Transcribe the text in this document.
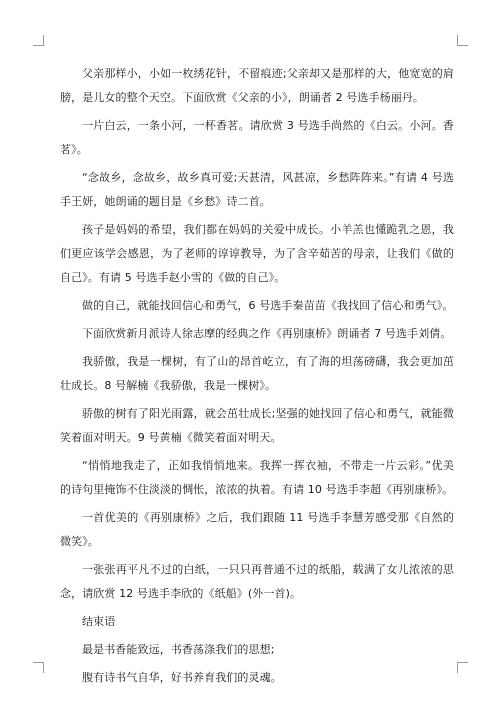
父亲那样小，小如一枚绣花针，不留痕迹;父亲却又是那样的大，他宽宽的肩膀，是儿女的整个天空。下面欣赏《父亲的小》，朗诵者 2 号选手杨丽丹。

一片白云，一条小河，一杯香茗。请欣赏 3 号选手尚然的《白云。小河。香茗》。

“念故乡，念故乡，故乡真可爱;天甚清，风甚凉，乡愁阵阵来。”有请 4 号选手王妍，她朗诵的题目是《乡愁》诗二首。

孩子是妈妈的希望，我们都在妈妈的关爱中成长。小羊羔也懂跪乳之恩，我们更应该学会感恩，为了老师的谆谆教导，为了含辛茹苦的母亲，让我们《做的自己》。有请 5 号选手赵小雪的《做的自己》。

做的自己，就能找回信心和勇气，6 号选手秦苗苗《我找回了信心和勇气》。

下面欣赏新月派诗人徐志摩的经典之作《再别康桥》朗诵者 7 号选手刘倩。

我骄傲，我是一棵树，有了山的昂首屹立，有了海的坦荡磅礴，我会更加茁壮成长。8 号解楠《我骄傲，我是一棵树》。

骄傲的树有了阳光雨露，就会茁壮成长;坚强的她找回了信心和勇气，就能微笑着面对明天。9 号黄楠《微笑着面对明天。

“悄悄地我走了，正如我悄悄地来。我挥一挥衣袖，不带走一片云彩。”优美的诗句里掩饰不住淡淡的惆怅，浓浓的执着。有请 10 号选手李超《再别康桥》。

一首优美的《再别康桥》之后，我们跟随 11 号选手李慧芳感受那《自然的微笑》。

一张张再平凡不过的白纸，一只只再普通不过的纸船，载满了女儿浓浓的思念，请欣赏 12 号选手李欣的《纸船》(外一首)。

结束语

最是书香能致远，书香荡涤我们的思想;

腹有诗书气自华，好书养育我们的灵魂。
